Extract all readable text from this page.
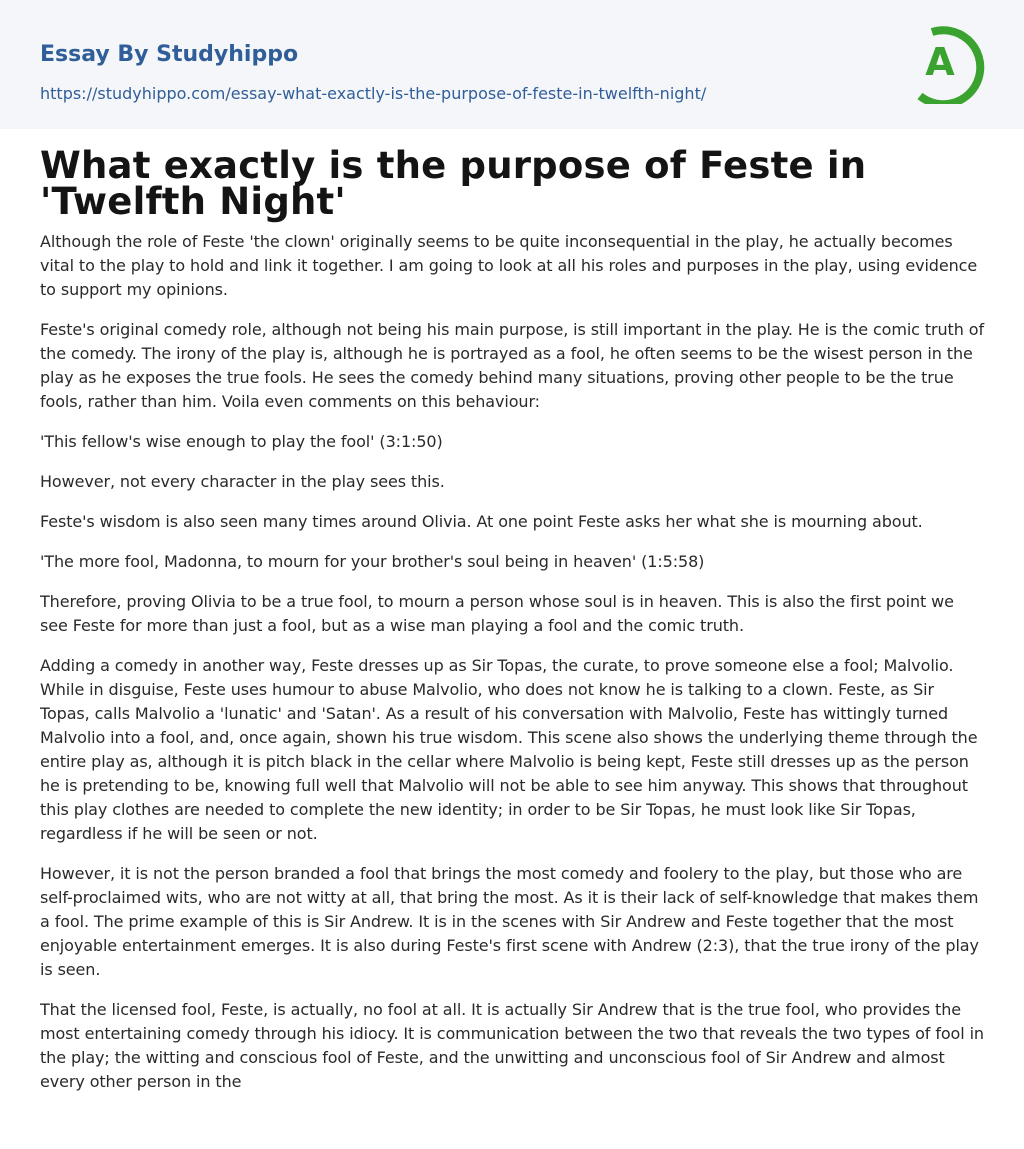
Essay By Studyhippo
https://studyhippo.com/essay-what-exactly-is-the-purpose-of-feste-in-twelfth-night/
A
What exactly is the purpose of Feste in 'Twelfth Night'

Although the role of Feste 'the clown' originally seems to be quite inconsequential in the play, he actually becomes vital to the play to hold and link it together. I am going to look at all his roles and purposes in the play, using evidence to support my opinions.

Feste's original comedy role, although not being his main purpose, is still important in the play. He is the comic truth of the comedy. The irony of the play is, although he is portrayed as a fool, he often seems to be the wisest person in the play as he exposes the true fools. He sees the comedy behind many situations, proving other people to be the true fools, rather than him. Voila even comments on this behaviour:

'This fellow's wise enough to play the fool' (3:1:50)

However, not every character in the play sees this.

Feste's wisdom is also seen many times around Olivia. At one point Feste asks her what she is mourning about.

'The more fool, Madonna, to mourn for your brother's soul being in heaven' (1:5:58)

Therefore, proving Olivia to be a true fool, to mourn a person whose soul is in heaven. This is also the first point we see Feste for more than just a fool, but as a wise man playing a fool and the comic truth.

Adding a comedy in another way, Feste dresses up as Sir Topas, the curate, to prove someone else a fool; Malvolio. While in disguise, Feste uses humour to abuse Malvolio, who does not know he is talking to a clown. Feste, as Sir Topas, calls Malvolio a 'lunatic' and 'Satan'. As a result of his conversation with Malvolio, Feste has wittingly turned Malvolio into a fool, and, once again, shown his true wisdom. This scene also shows the underlying theme through the entire play as, although it is pitch black in the cellar where Malvolio is being kept, Feste still dresses up as the person he is pretending to be, knowing full well that Malvolio will not be able to see him anyway. This shows that throughout this play clothes are needed to complete the new identity; in order to be Sir Topas, he must look like Sir Topas, regardless if he will be seen or not.

However, it is not the person branded a fool that brings the most comedy and foolery to the play, but those who are self-proclaimed wits, who are not witty at all, that bring the most. As it is their lack of self-knowledge that makes them a fool. The prime example of this is Sir Andrew. It is in the scenes with Sir Andrew and Feste together that the most enjoyable entertainment emerges. It is also during Feste's first scene with Andrew (2:3), that the true irony of the play is seen.

That the licensed fool, Feste, is actually, no fool at all. It is actually Sir Andrew that is the true fool, who provides the most entertaining comedy through his idiocy. It is communication between the two that reveals the two types of fool in the play; the witting and conscious fool of Feste, and the unwitting and unconscious fool of Sir Andrew and almost every other person in the
